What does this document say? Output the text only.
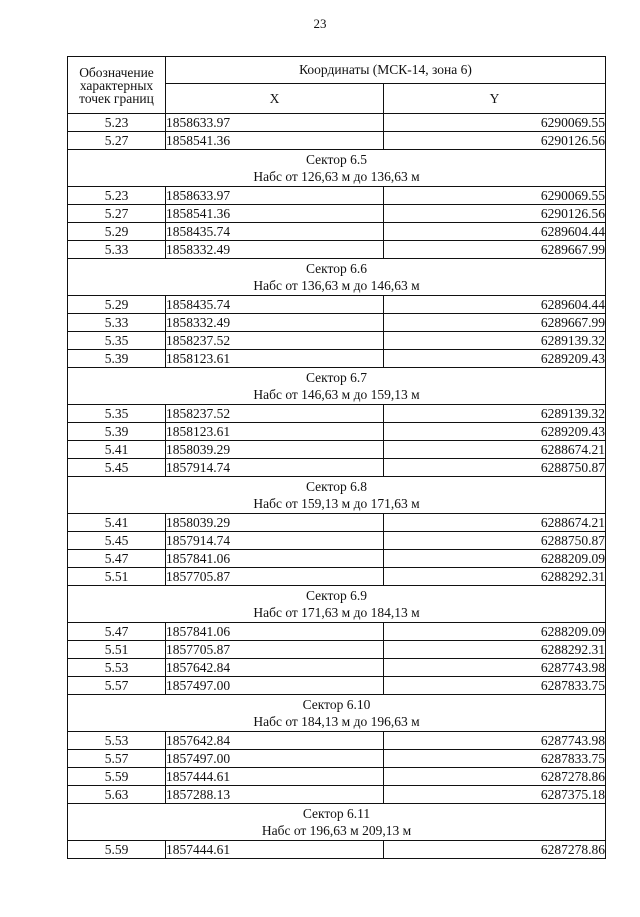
23
Обозначение характерных точек границ	Координаты (МСК-14, зона 6)	
	X	Y
5.23	1858633.97	6290069.55
5.27	1858541.36	6290126.56

Сектор 6.5
Набс от 126,63 м до 136,63 м		

5.23	1858633.97	6290069.55
5.27	1858541.36	6290126.56
5.29	1858435.74	6289604.44
5.33	1858332.49	6289667.99

Сектор 6.6
Набс от 136,63 м до 146,63 м		

5.29	1858435.74	6289604.44
5.33	1858332.49	6289667.99
5.35	1858237.52	6289139.32
5.39	1858123.61	6289209.43

Сектор 6.7
Набс от 146,63 м до 159,13 м		

5.35	1858237.52	6289139.32
5.39	1858123.61	6289209.43
5.41	1858039.29	6288674.21
5.45	1857914.74	6288750.87

Сектор 6.8
Набс от 159,13 м до 171,63 м		

5.41	1858039.29	6288674.21
5.45	1857914.74	6288750.87
5.47	1857841.06	6288209.09
5.51	1857705.87	6288292.31

Сектор 6.9
Набс от 171,63 м до 184,13 м		

5.47	1857841.06	6288209.09
5.51	1857705.87	6288292.31
5.53	1857642.84	6287743.98
5.57	1857497.00	6287833.75

Сектор 6.10
Набс от 184,13 м до 196,63 м		

5.53	1857642.84	6287743.98
5.57	1857497.00	6287833.75
5.59	1857444.61	6287278.86
5.63	1857288.13	6287375.18

Сектор 6.11
Набс от 196,63 м 209,13 м		

5.59	1857444.61	6287278.86
